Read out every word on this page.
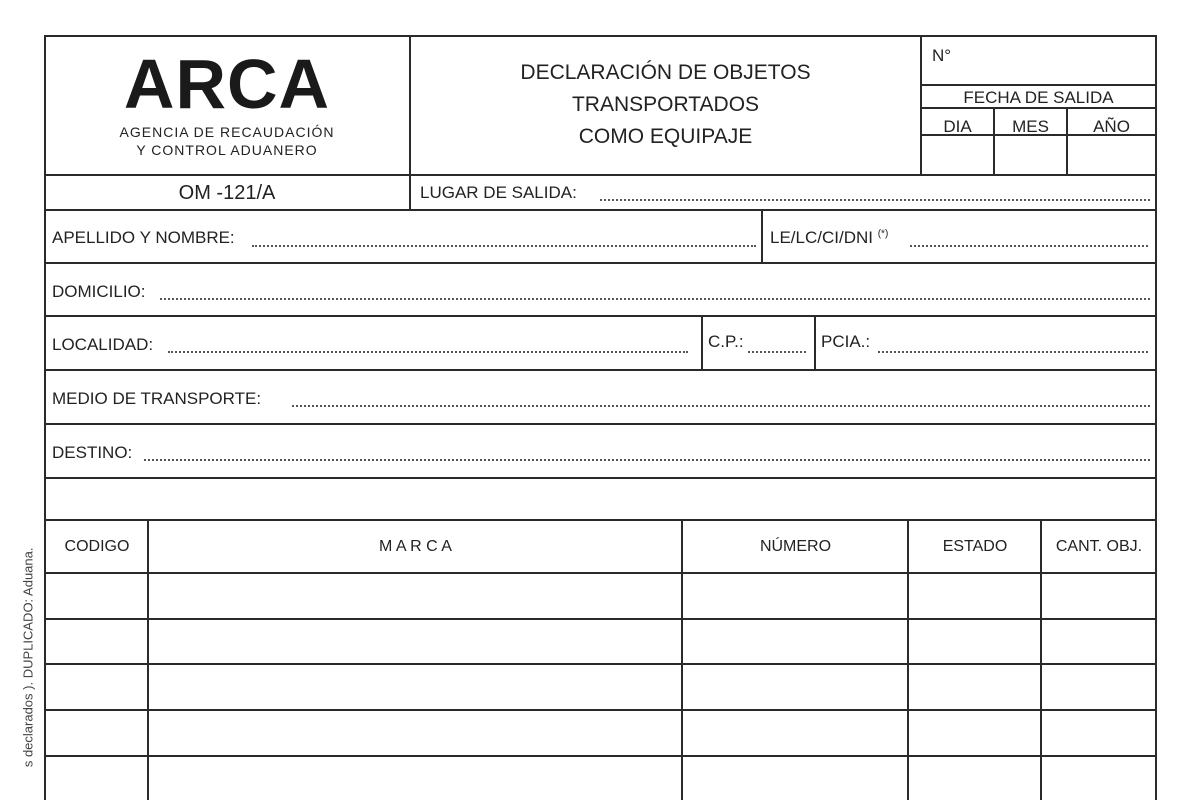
ARCA
AGENCIA DE RECAUDACIÓN
Y CONTROL ADUANERO
DECLARACIÓN DE OBJETOS
TRANSPORTADOS
COMO EQUIPAJE
N°
FECHA DE SALIDA
DIA	MES	AÑO
OM -121/A	LUGAR DE SALIDA:
APELLIDO Y NOMBRE:	LE/LC/CI/DNI (*)
DOMICILIO:
LOCALIDAD:	C.P.:	PCIA.:
MEDIO DE TRANSPORTE:
DESTINO:
CODIGO	M A R C A	NÚMERO	ESTADO	CANT. OBJ.
s declarados ). DUPLICADO: Aduana.
